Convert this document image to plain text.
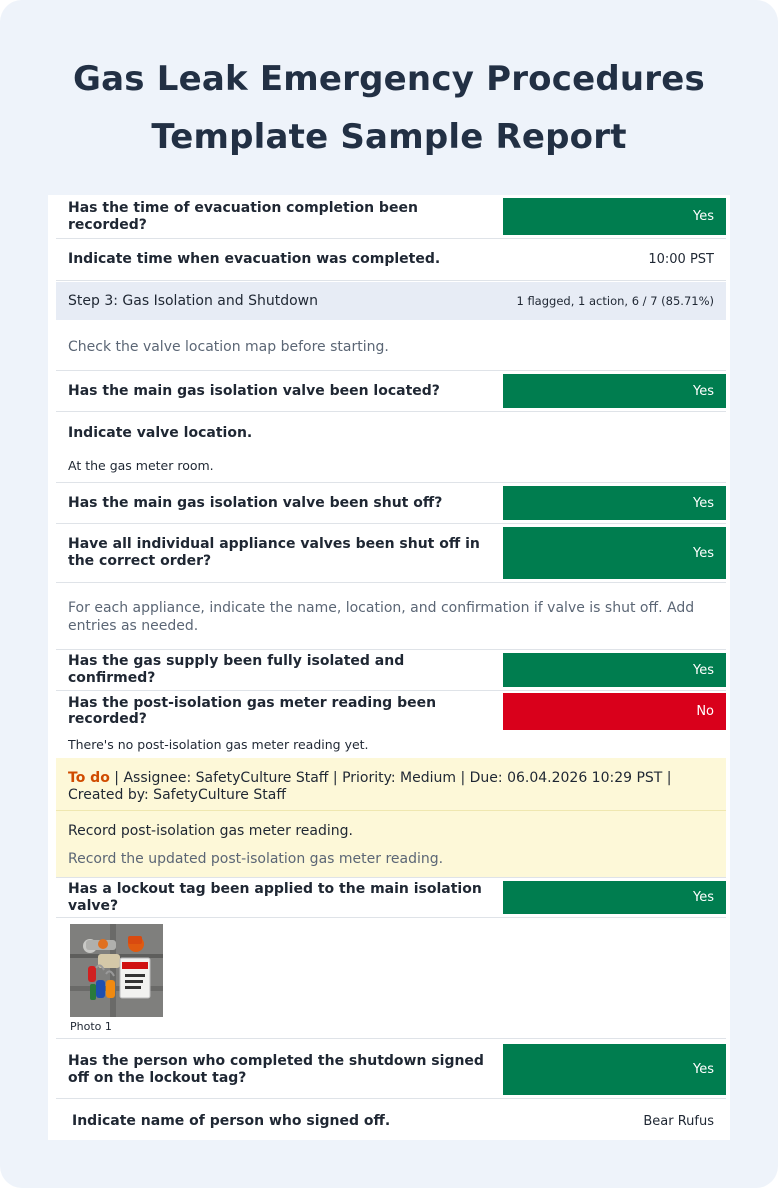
Gas Leak Emergency Procedures
Template Sample Report
Has the time of evacuation completion been recorded?	Yes
Indicate time when evacuation was completed.	10:00 PST
Step 3: Gas Isolation and Shutdown	1 flagged, 1 action, 6 / 7 (85.71%)
Check the valve location map before starting.
Has the main gas isolation valve been located?	Yes
Indicate valve location.
At the gas meter room.
Has the main gas isolation valve been shut off?	Yes
Have all individual appliance valves been shut off in the correct order?	Yes
For each appliance, indicate the name, location, and confirmation if valve is shut off. Add entries as needed.
Has the gas supply been fully isolated and confirmed?	Yes
Has the post-isolation gas meter reading been recorded?	No
There's no post-isolation gas meter reading yet.
To do | Assignee: SafetyCulture Staff | Priority: Medium | Due: 06.04.2026 10:29 PST | Created by: SafetyCulture Staff
Record post-isolation gas meter reading.
Record the updated post-isolation gas meter reading.
Has a lockout tag been applied to the main isolation valve?	Yes
Photo 1
Has the person who completed the shutdown signed off on the lockout tag?	Yes
Indicate name of person who signed off.	Bear Rufus
